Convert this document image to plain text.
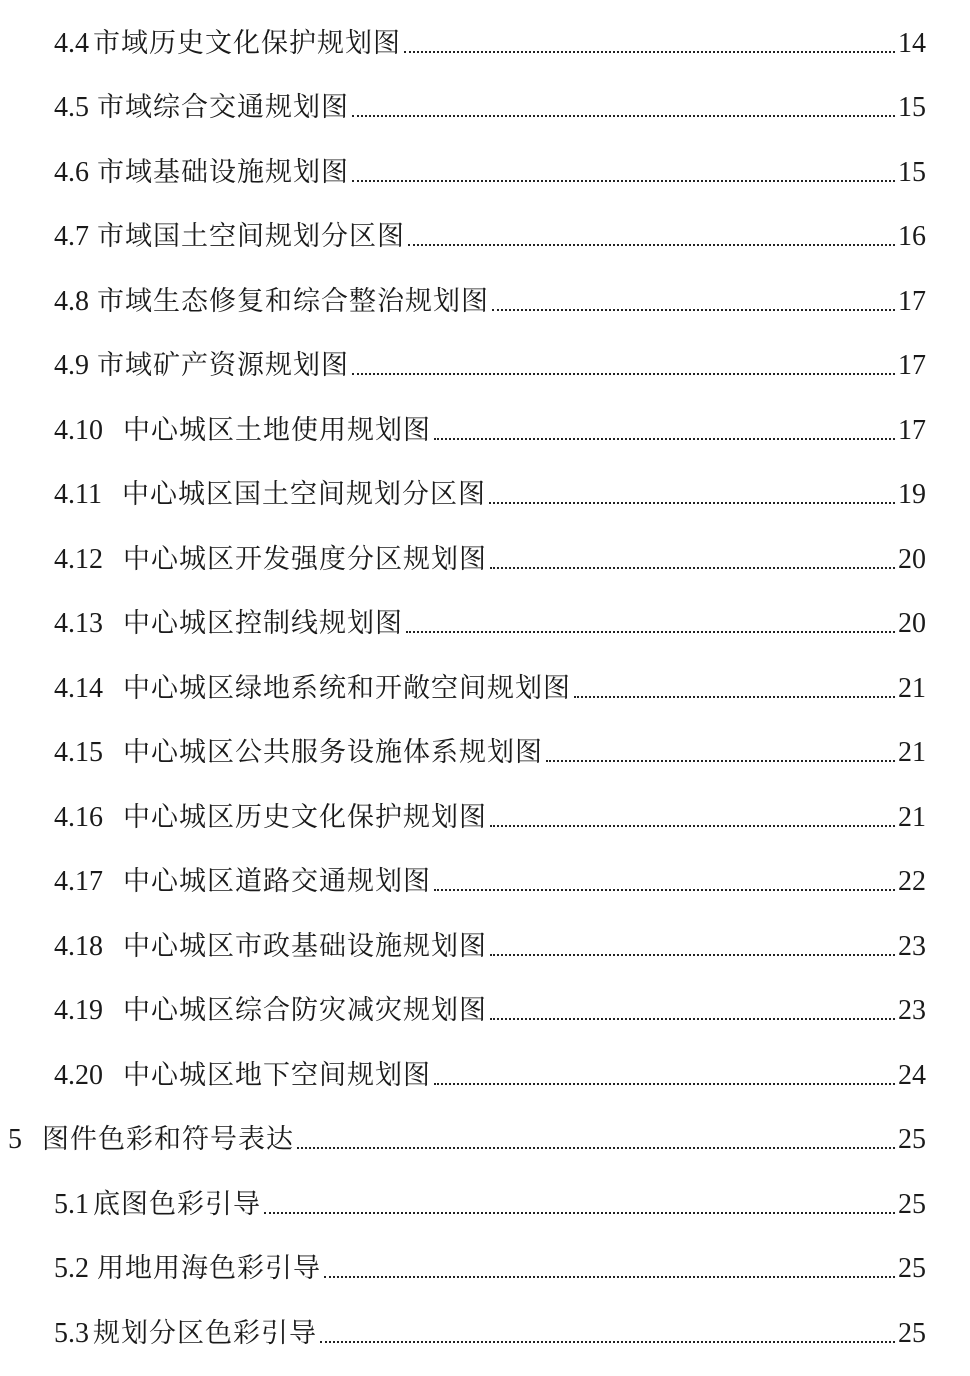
4.4 市域历史文化保护规划图	14
4.5 市域综合交通规划图	15
4.6 市域基础设施规划图	15
4.7 市域国土空间规划分区图	16
4.8 市域生态修复和综合整治规划图	17
4.9 市域矿产资源规划图	17
4.10 中心城区土地使用规划图	17
4.11 中心城区国土空间规划分区图	19
4.12 中心城区开发强度分区规划图	20
4.13 中心城区控制线规划图	20
4.14 中心城区绿地系统和开敞空间规划图	21
4.15 中心城区公共服务设施体系规划图	21
4.16 中心城区历史文化保护规划图	21
4.17 中心城区道路交通规划图	22
4.18 中心城区市政基础设施规划图	23
4.19 中心城区综合防灾减灾规划图	23
4.20 中心城区地下空间规划图	24
5 图件色彩和符号表达	25
5.1 底图色彩引导	25
5.2 用地用海色彩引导	25
5.3 规划分区色彩引导	25
